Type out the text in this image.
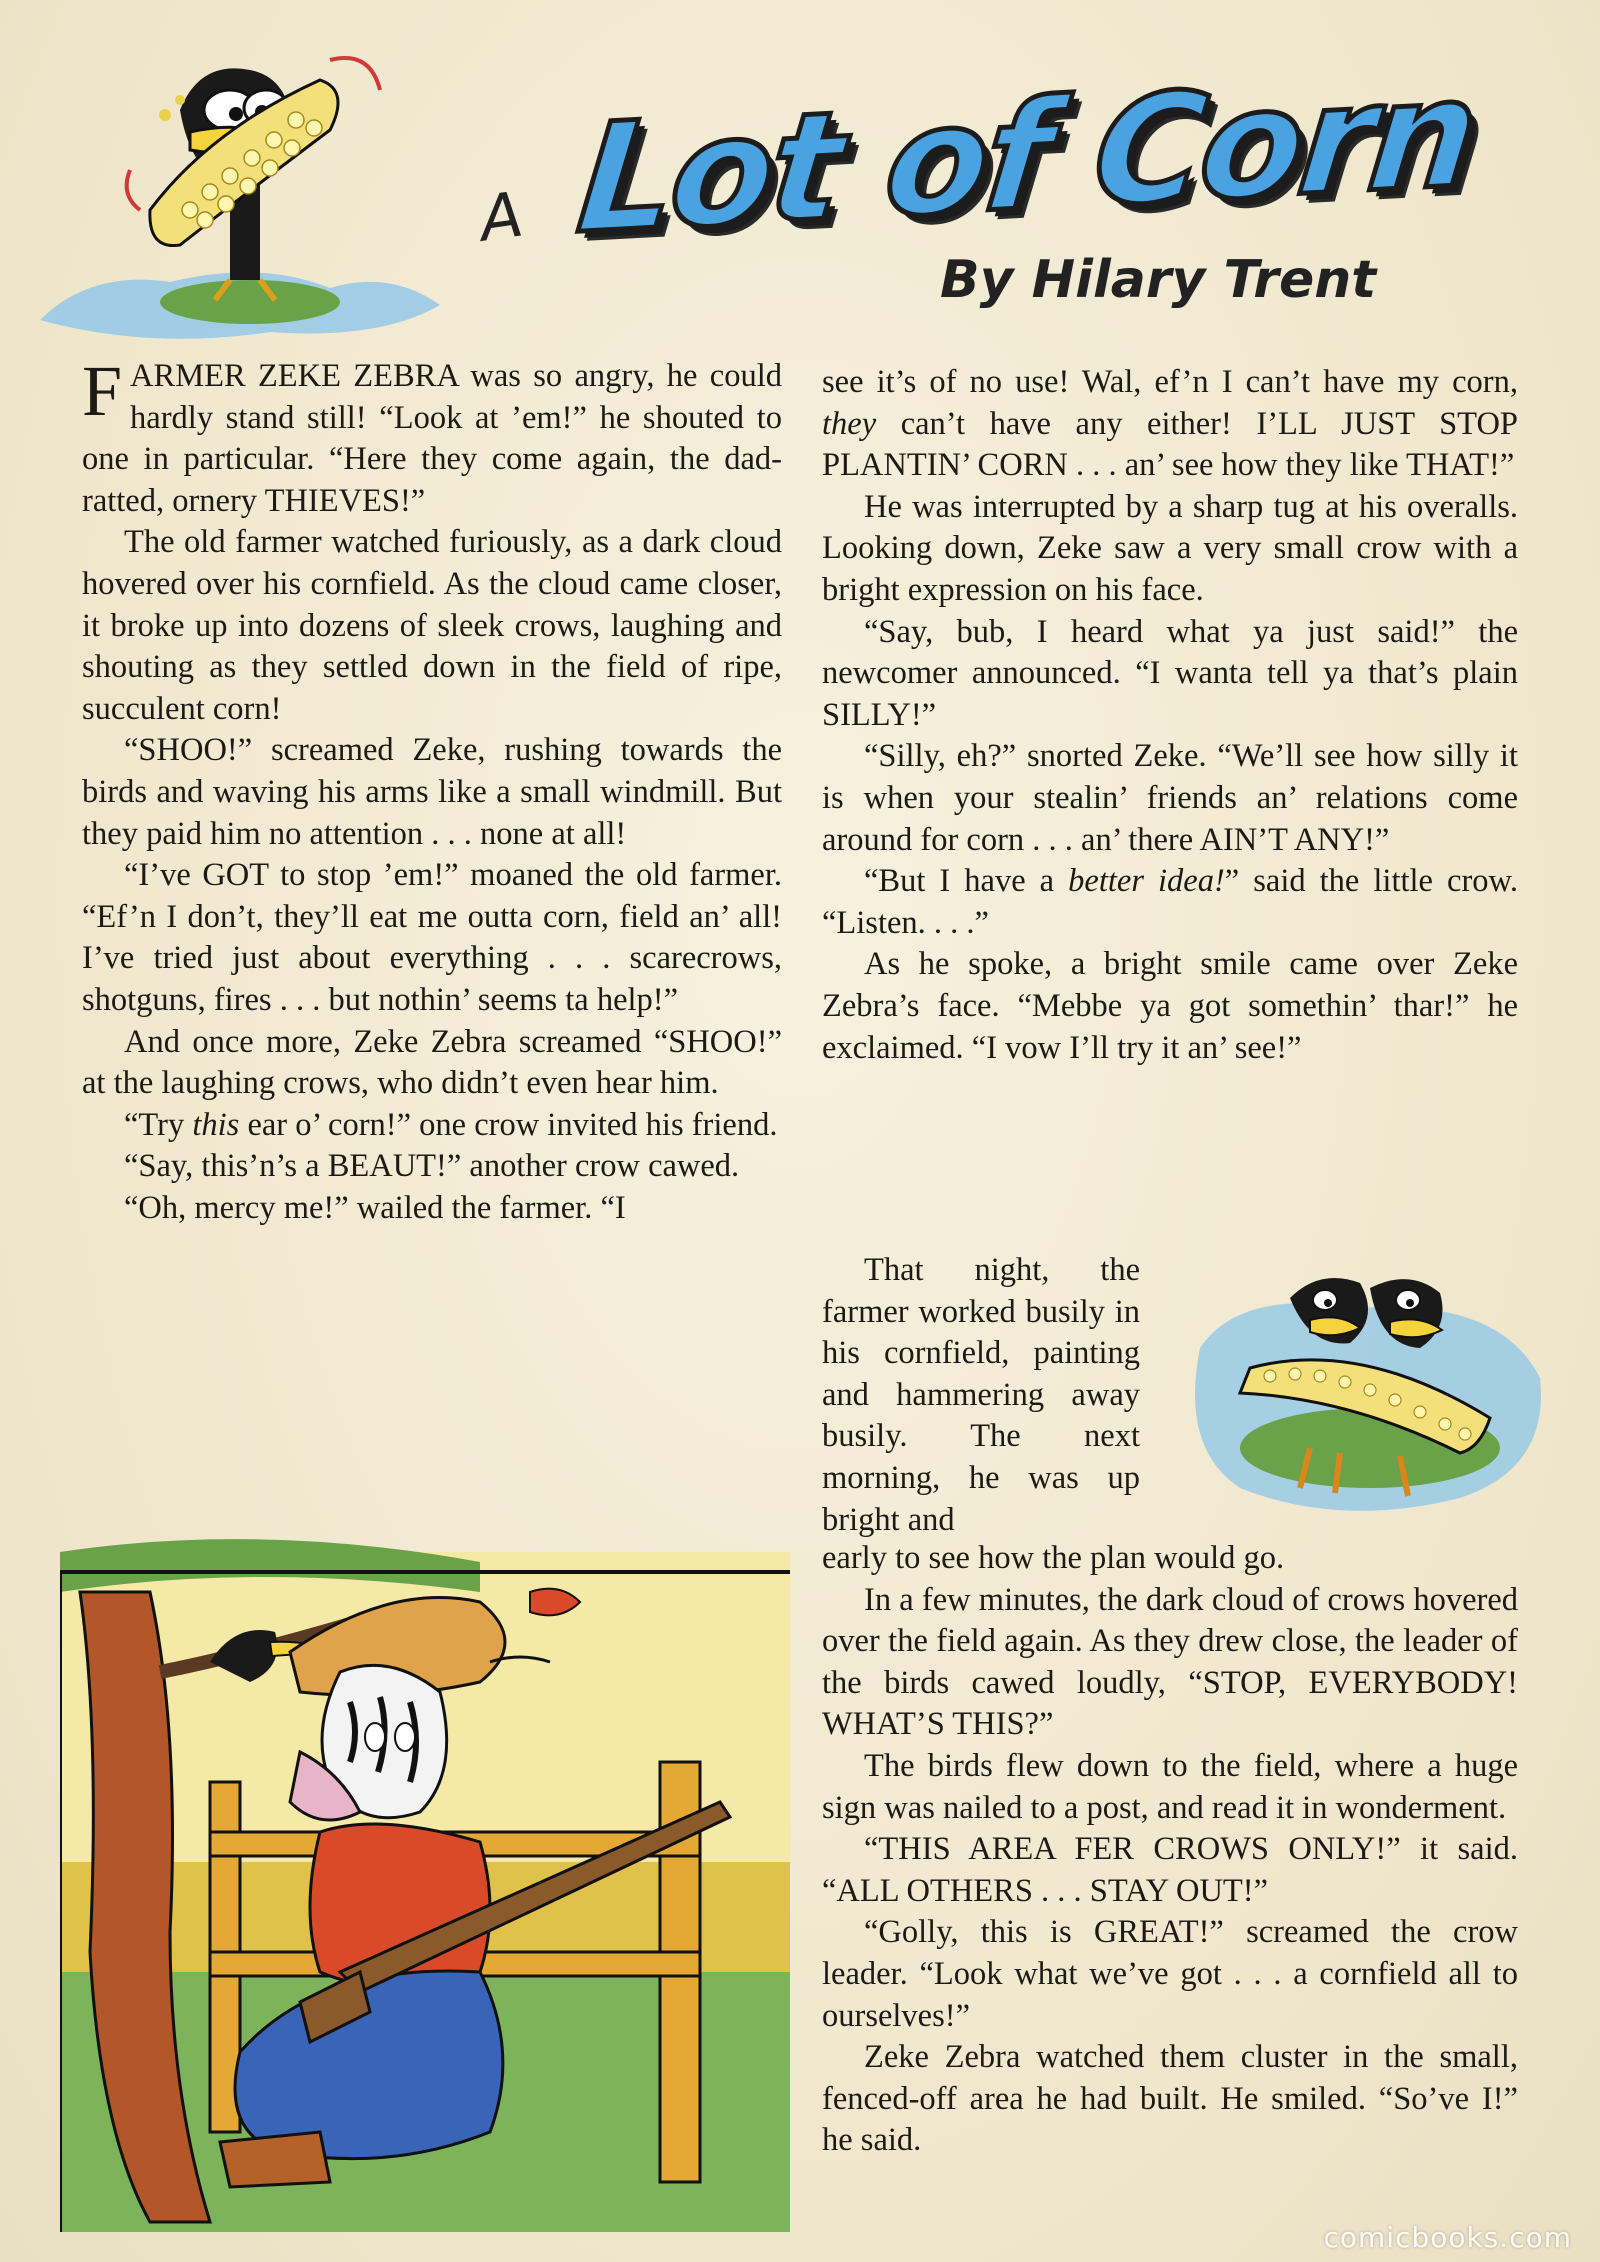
A Lot of Corn
By Hilary Trent

FARMER ZEKE ZEBRA was so angry, he could hardly stand still! “Look at ’em!” he shouted to one in particular. “Here they come again, the dad-ratted, ornery THIEVES!”

The old farmer watched furiously, as a dark cloud hovered over his cornfield. As the cloud came closer, it broke up into dozens of sleek crows, laughing and shouting as they settled down in the field of ripe, succulent corn!

“SHOO!” screamed Zeke, rushing towards the birds and waving his arms like a small windmill. But they paid him no attention . . . none at all!

“I’ve GOT to stop ’em!” moaned the old farmer. “Ef’n I don’t, they’ll eat me outta corn, field an’ all! I’ve tried just about everything . . . scarecrows, shotguns, fires . . . but nothin’ seems ta help!”

And once more, Zeke Zebra screamed “SHOO!” at the laughing crows, who didn’t even hear him.

“Try this ear o’ corn!” one crow invited his friend.

“Say, this’n’s a BEAUT!” another crow cawed.

“Oh, mercy me!” wailed the farmer. “I

see it’s of no use! Wal, ef’n I can’t have my corn, they can’t have any either! I’LL JUST STOP PLANTIN’ CORN . . . an’ see how they like THAT!”

He was interrupted by a sharp tug at his overalls. Looking down, Zeke saw a very small crow with a bright expression on his face.

“Say, bub, I heard what ya just said!” the newcomer announced. “I wanta tell ya that’s plain SILLY!”

“Silly, eh?” snorted Zeke. “We’ll see how silly it is when your stealin’ friends an’ relations come around for corn . . . an’ there AIN’T ANY!”

“But I have a better idea!” said the little crow. “Listen. . . .”

As he spoke, a bright smile came over Zeke Zebra’s face. “Mebbe ya got somethin’ thar!” he exclaimed. “I vow I’ll try it an’ see!”

That night, the farmer worked busily in his cornfield, painting and hammering away busily. The next morning, he was up bright and

early to see how the plan would go.

In a few minutes, the dark cloud of crows hovered over the field again. As they drew close, the leader of the birds cawed loudly, “STOP, EVERYBODY! WHAT’S THIS?”

The birds flew down to the field, where a huge sign was nailed to a post, and read it in wonderment.

“THIS AREA FER CROWS ONLY!” it said. “ALL OTHERS . . . STAY OUT!”

“Golly, this is GREAT!” screamed the crow leader. “Look what we’ve got . . . a cornfield all to ourselves!”

Zeke Zebra watched them cluster in the small, fenced-off area he had built. He smiled. “So’ve I!” he said.

comicbooks.com
